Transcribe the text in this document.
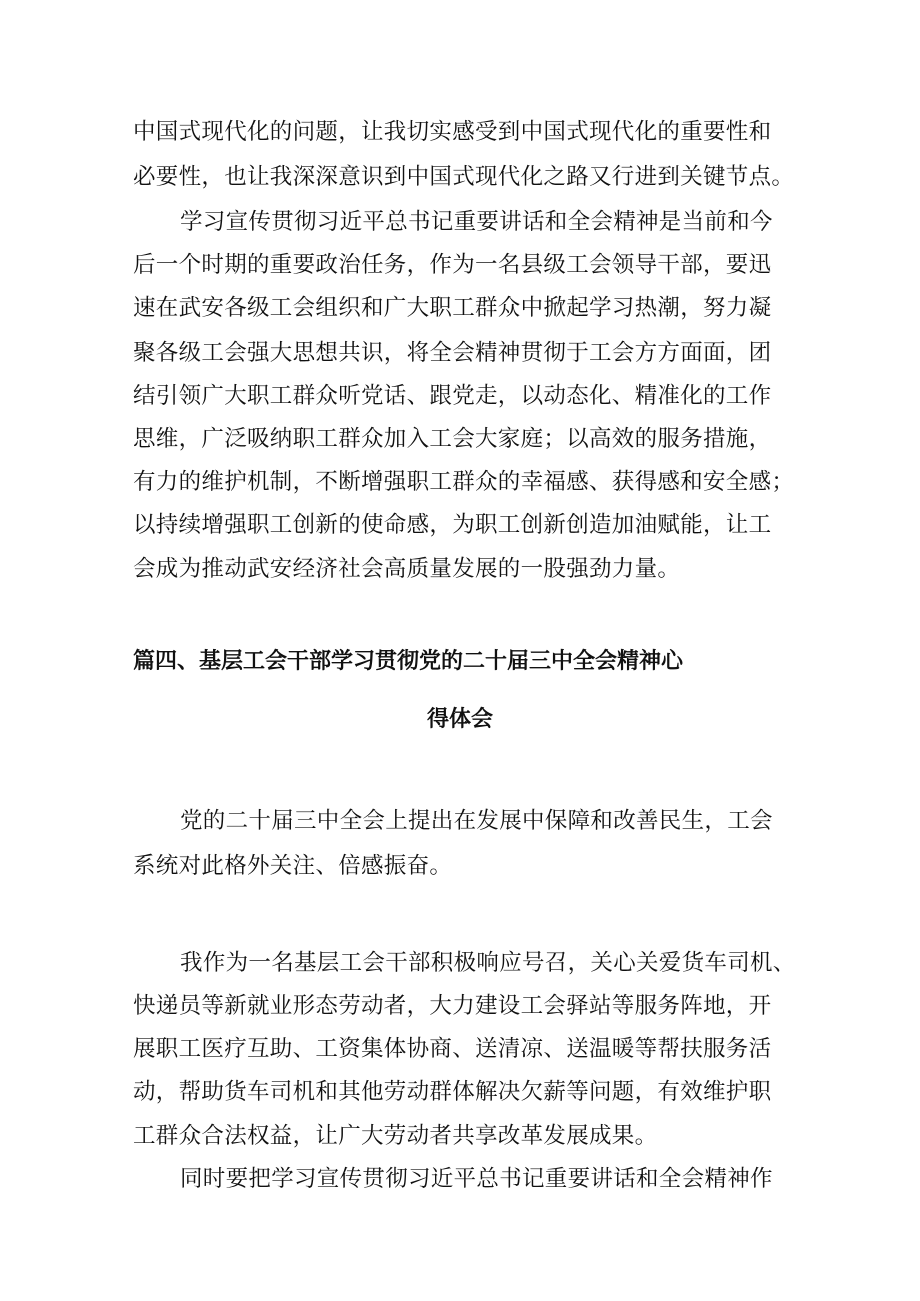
中国式现代化的问题，让我切实感受到中国式现代化的重要性和
必要性，也让我深深意识到中国式现代化之路又行进到关键节点。
学习宣传贯彻习近平总书记重要讲话和全会精神是当前和今
后一个时期的重要政治任务，作为一名县级工会领导干部，要迅
速在武安各级工会组织和广大职工群众中掀起学习热潮，努力凝
聚各级工会强大思想共识，将全会精神贯彻于工会方方面面，团
结引领广大职工群众听党话、跟党走，以动态化、精准化的工作
思维，广泛吸纳职工群众加入工会大家庭；以高效的服务措施，
有力的维护机制，不断增强职工群众的幸福感、获得感和安全感；
以持续增强职工创新的使命感，为职工创新创造加油赋能，让工
会成为推动武安经济社会高质量发展的一股强劲力量。
篇四、基层工会干部学习贯彻党的二十届三中全会精神心
得体会
党的二十届三中全会上提出在发展中保障和改善民生，工会
系统对此格外关注、倍感振奋。
我作为一名基层工会干部积极响应号召，关心关爱货车司机、
快递员等新就业形态劳动者，大力建设工会驿站等服务阵地，开
展职工医疗互助、工资集体协商、送清凉、送温暖等帮扶服务活
动，帮助货车司机和其他劳动群体解决欠薪等问题，有效维护职
工群众合法权益，让广大劳动者共享改革发展成果。
同时要把学习宣传贯彻习近平总书记重要讲话和全会精神作
